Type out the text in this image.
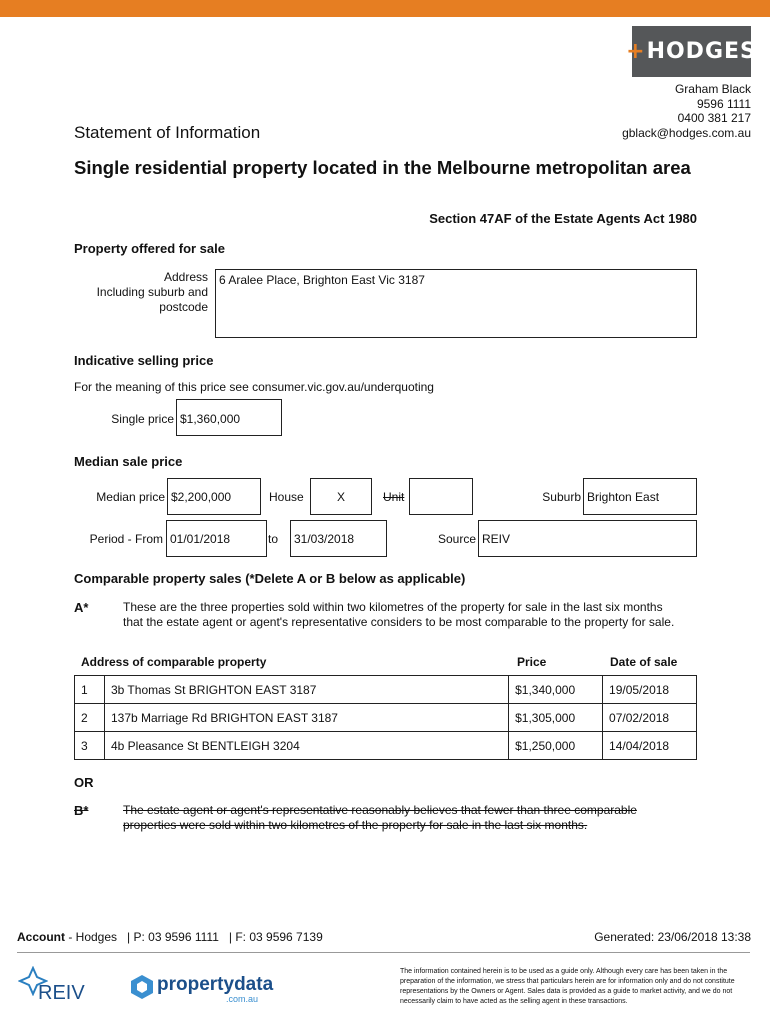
+ HODGES
Graham Black
9596 1111
0400 381 217
gblack@hodges.com.au
Statement of Information
Single residential property located in the Melbourne metropolitan area
Section 47AF of the Estate Agents Act 1980
Property offered for sale
Address
Including suburb and
postcode
6 Aralee Place, Brighton East Vic 3187
Indicative selling price
For the meaning of this price see consumer.vic.gov.au/underquoting
Single price $1,360,000
Median sale price
Median price $2,200,000	House	X	Unit	Suburb Brighton East
Period - From 01/01/2018	to	31/03/2018	Source REIV
Comparable property sales (*Delete A or B below as applicable)
A*	These are the three properties sold within two kilometres of the property for sale in the last six months that the estate agent or agent's representative considers to be most comparable to the property for sale.
Address of comparable property	Price	Date of sale
1	3b Thomas St BRIGHTON EAST 3187	$1,340,000	19/05/2018
2	137b Marriage Rd BRIGHTON EAST 3187	$1,305,000	07/02/2018
3	4b Pleasance St BENTLEIGH 3204	$1,250,000	14/04/2018
OR
B*	The estate agent or agent's representative reasonably believes that fewer than three comparable properties were sold within two kilometres of the property for sale in the last six months.
Account - Hodges   | P: 03 9596 1111   | F: 03 9596 7139	Generated: 23/06/2018 13:38
REIV	propertydata
.com.au
The information contained herein is to be used as a guide only. Although every care has been taken in the preparation of the information, we stress that particulars herein are for information only and do not constitute representations by the Owners or Agent. Sales data is provided as a guide to market activity, and we do not necessarily claim to have acted as the selling agent in these transactions.
